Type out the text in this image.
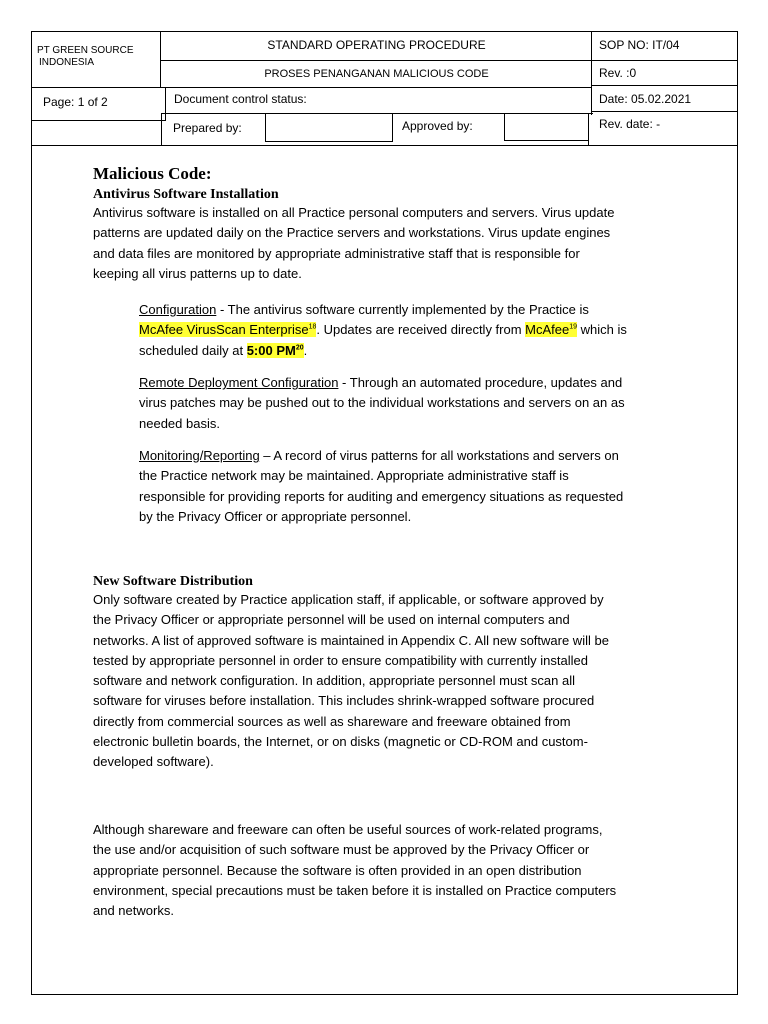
PT GREEN SOURCE
INDONESIA
Page: 1 of 2
STANDARD OPERATING PROCEDURE
PROSES PENANGANAN MALICIOUS CODE
Document control status:
Prepared by:	Approved by:
SOP NO: IT/04
Rev. :0
Date: 05.02.2021
Rev. date: -
Malicious Code:
Antivirus Software Installation
Antivirus software is installed on all Practice personal computers and servers. Virus update
patterns are updated daily on the Practice servers and workstations. Virus update engines
and data files are monitored by appropriate administrative staff that is responsible for
keeping all virus patterns up to date.
Configuration - The antivirus software currently implemented by the Practice is
McAfee VirusScan Enterprise$^{18}$. Updates are received directly from McAfee$^{19}$ which is
scheduled daily at 5:00 PM$^{20}$.
Remote Deployment Configuration - Through an automated procedure, updates and
virus patches may be pushed out to the individual workstations and servers on an as
needed basis.
Monitoring/Reporting – A record of virus patterns for all workstations and servers on
the Practice network may be maintained. Appropriate administrative staff is
responsible for providing reports for auditing and emergency situations as requested
by the Privacy Officer or appropriate personnel.
New Software Distribution
Only software created by Practice application staff, if applicable, or software approved by
the Privacy Officer or appropriate personnel will be used on internal computers and
networks. A list of approved software is maintained in Appendix C. All new software will be
tested by appropriate personnel in order to ensure compatibility with currently installed
software and network configuration. In addition, appropriate personnel must scan all
software for viruses before installation. This includes shrink-wrapped software procured
directly from commercial sources as well as shareware and freeware obtained from
electronic bulletin boards, the Internet, or on disks (magnetic or CD-ROM and custom-
developed software).
Although shareware and freeware can often be useful sources of work-related programs,
the use and/or acquisition of such software must be approved by the Privacy Officer or
appropriate personnel. Because the software is often provided in an open distribution
environment, special precautions must be taken before it is installed on Practice computers
and networks.
